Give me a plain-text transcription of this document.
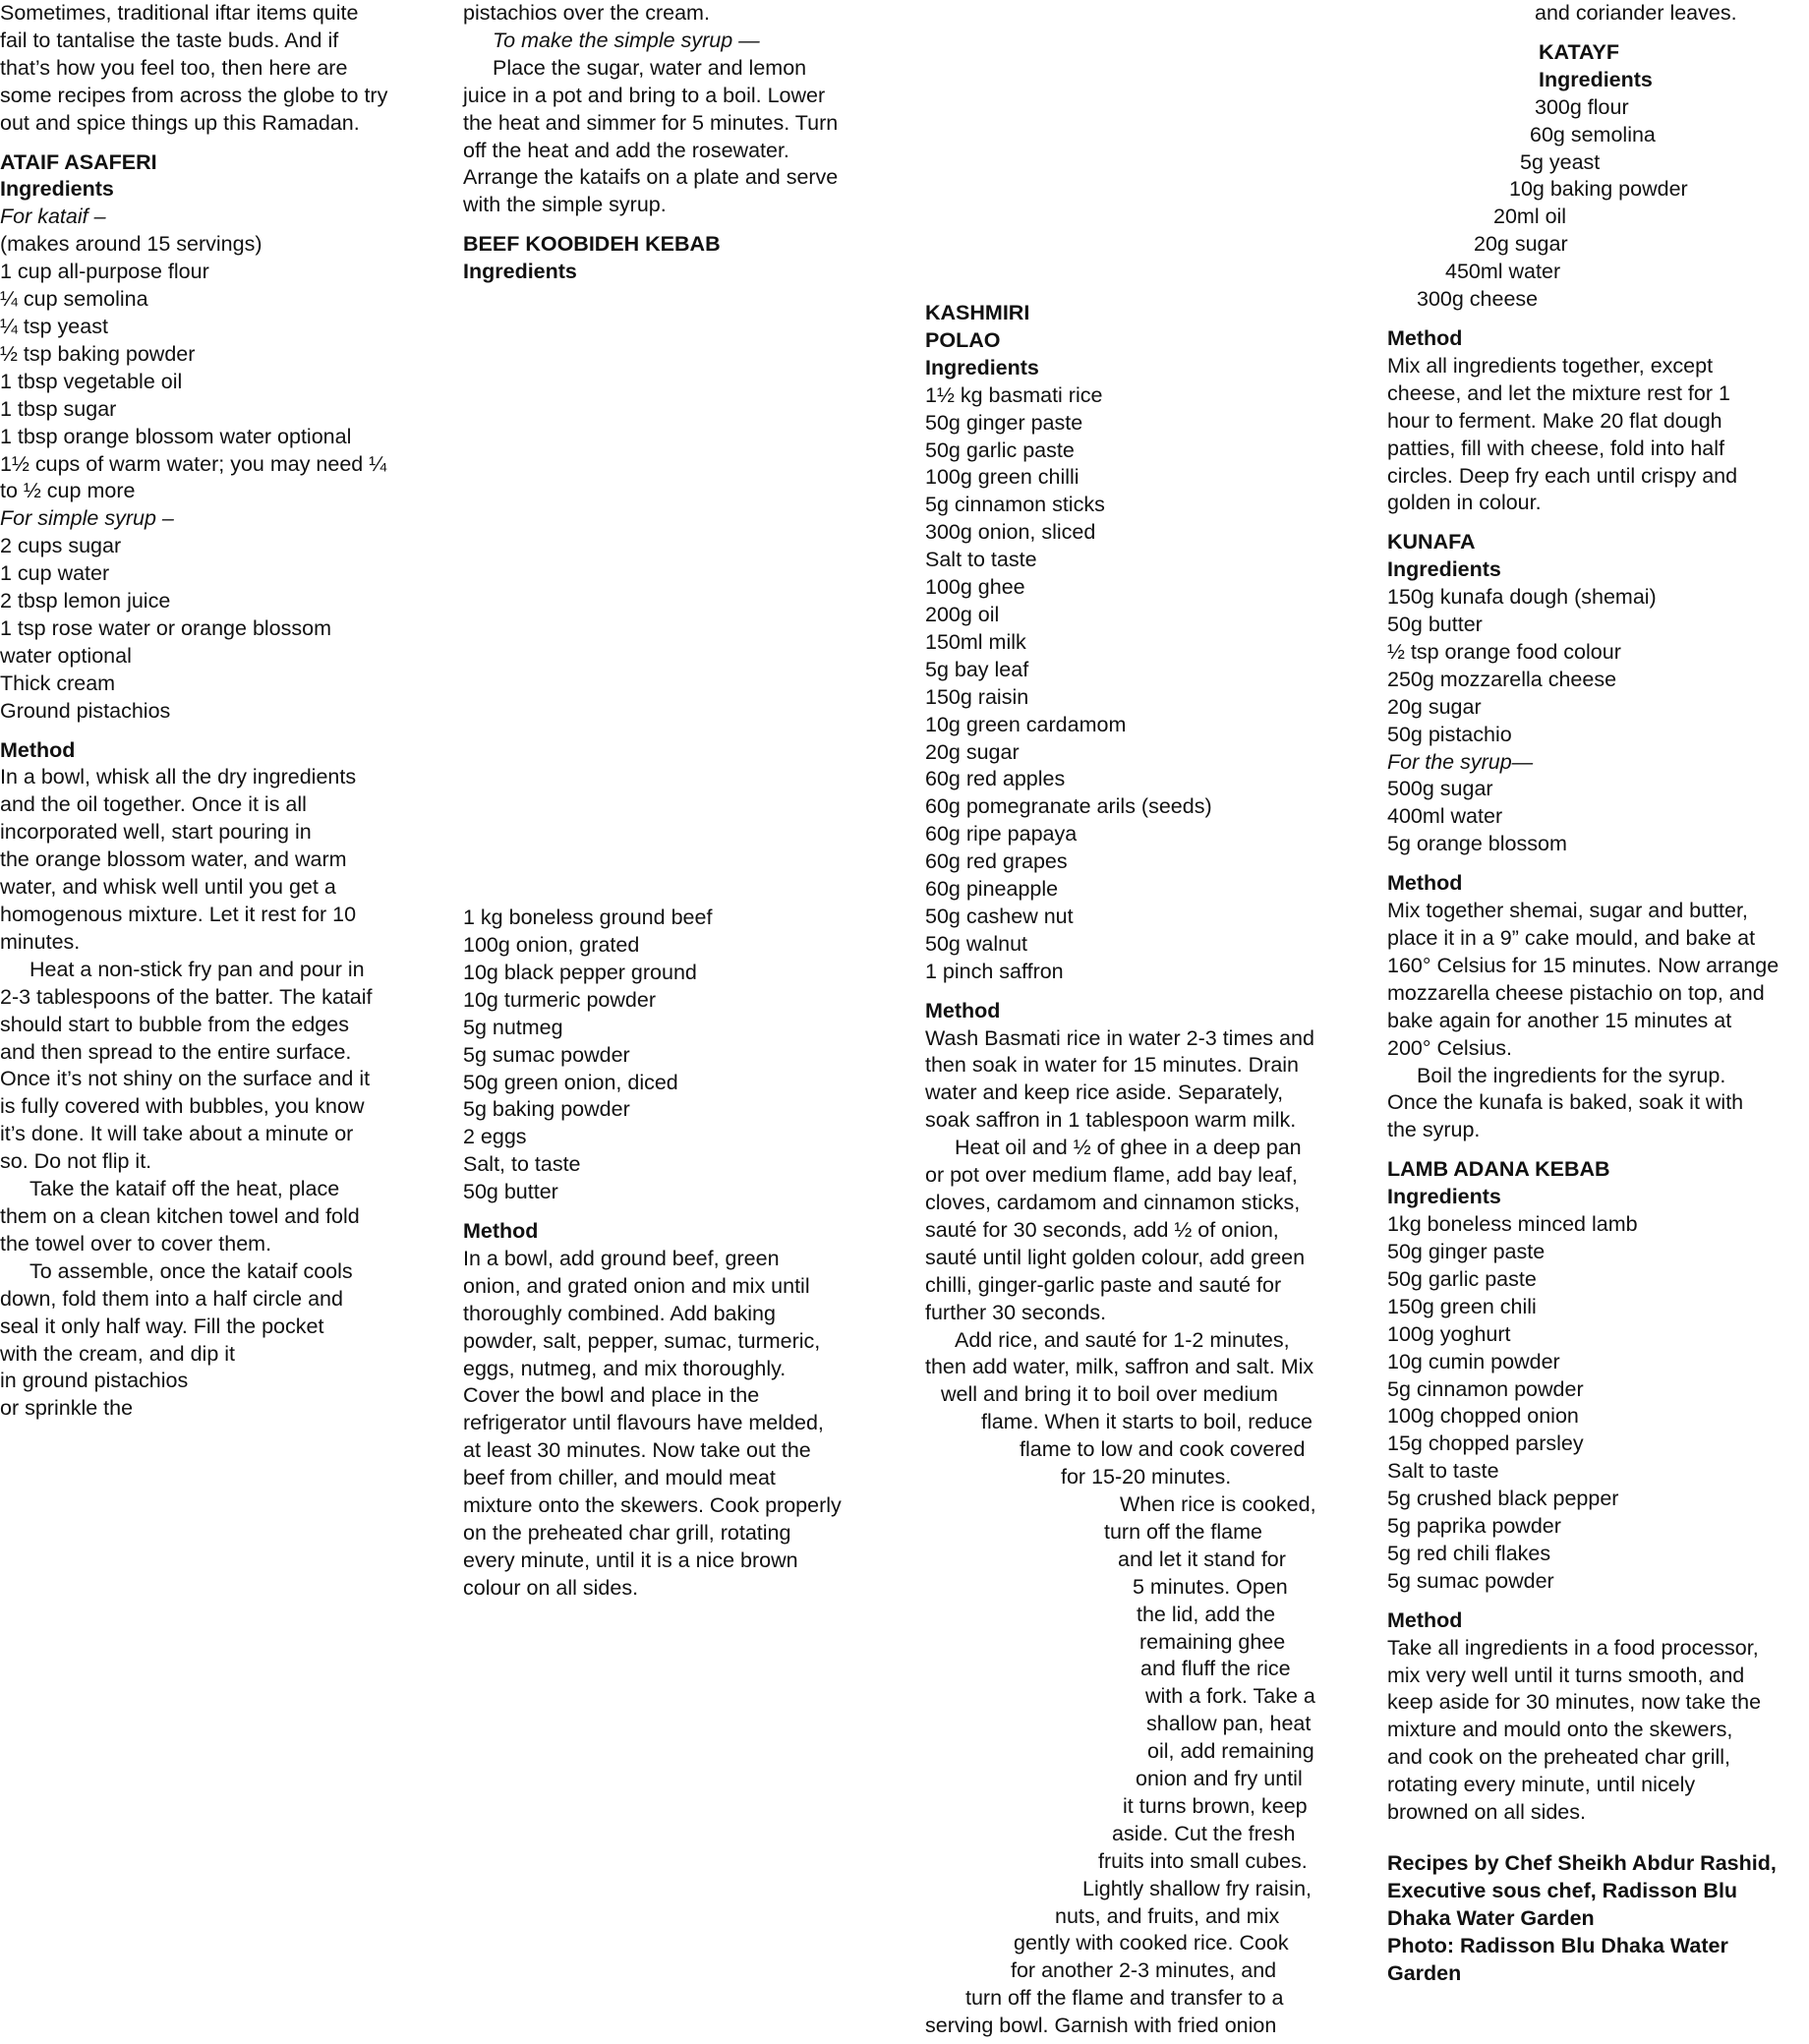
Sometimes, traditional iftar items quite
fail to tantalise the taste buds. And if
that’s how you feel too, then here are
some recipes from across the globe to try
out and spice things up this Ramadan.
ATAIF ASAFERI
Ingredients
For kataif –
(makes around 15 servings)
1 cup all-purpose flour
¼ cup semolina
¼ tsp yeast
½ tsp baking powder
1 tbsp vegetable oil
1 tbsp sugar
1 tbsp orange blossom water optional
1½ cups of warm water; you may need ¼
to ½ cup more
For simple syrup –
2 cups sugar
1 cup water
2 tbsp lemon juice
1 tsp rose water or orange blossom
water optional
Thick cream
Ground pistachios
Method
In a bowl, whisk all the dry ingredients
and the oil together. Once it is all
incorporated well, start pouring in
the orange blossom water, and warm
water, and whisk well until you get a
homogenous mixture. Let it rest for 10
minutes.
Heat a non-stick fry pan and pour in
2-3 tablespoons of the batter. The kataif
should start to bubble from the edges
and then spread to the entire surface.
Once it’s not shiny on the surface and it
is fully covered with bubbles, you know
it’s done. It will take about a minute or
so. Do not flip it.
Take the kataif off the heat, place
them on a clean kitchen towel and fold
the towel over to cover them.
To assemble, once the kataif cools
down, fold them into a half circle and
seal it only half way. Fill the pocket
with the cream, and dip it
in ground pistachios
or sprinkle the
pistachios over the cream.
To make the simple syrup —
Place the sugar, water and lemon
juice in a pot and bring to a boil. Lower
the heat and simmer for 5 minutes. Turn
off the heat and add the rosewater.
Arrange the kataifs on a plate and serve
with the simple syrup.
BEEF KOOBIDEH KEBAB
Ingredients
1 kg boneless ground beef
100g onion, grated
10g black pepper ground
10g turmeric powder
5g nutmeg
5g sumac powder
50g green onion, diced
5g baking powder
2 eggs
Salt, to taste
50g butter
Method
In a bowl, add ground beef, green
onion, and grated onion and mix until
thoroughly combined. Add baking
powder, salt, pepper, sumac, turmeric,
eggs, nutmeg, and mix thoroughly.
Cover the bowl and place in the
refrigerator until flavours have melded,
at least 30 minutes. Now take out the
beef from chiller, and mould meat
mixture onto the skewers. Cook properly
on the preheated char grill, rotating
every minute, until it is a nice brown
colour on all sides.
KASHMIRI
POLAO
Ingredients
1½ kg basmati rice
50g ginger paste
50g garlic paste
100g green chilli
5g cinnamon sticks
300g onion, sliced
Salt to taste
100g ghee
200g oil
150ml milk
5g bay leaf
150g raisin
10g green cardamom
20g sugar
60g red apples
60g pomegranate arils (seeds)
60g ripe papaya
60g red grapes
60g pineapple
50g cashew nut
50g walnut
1 pinch saffron
Method
Wash Basmati rice in water 2-3 times and
then soak in water for 15 minutes. Drain
water and keep rice aside. Separately,
soak saffron in 1 tablespoon warm milk.
Heat oil and ½ of ghee in a deep pan
or pot over medium flame, add bay leaf,
cloves, cardamom and cinnamon sticks,
sauté for 30 seconds, add ½ of onion,
sauté until light golden colour, add green
chilli, ginger-garlic paste and sauté for
further 30 seconds.
Add rice, and sauté for 1-2 minutes,
then add water, milk, saffron and salt. Mix
well and bring it to boil over medium
flame. When it starts to boil, reduce
flame to low and cook covered
for 15-20 minutes.
When rice is cooked,
turn off the flame
and let it stand for
5 minutes. Open
the lid, add the
remaining ghee
and fluff the rice
with a fork. Take a
shallow pan, heat
oil, add remaining
onion and fry until
it turns brown, keep
aside. Cut the fresh
fruits into small cubes.
Lightly shallow fry raisin,
nuts, and fruits, and mix
gently with cooked rice. Cook
for another 2-3 minutes, and
turn off the flame and transfer to a
serving bowl. Garnish with fried onion
and coriander leaves.
KATAYF
Ingredients
300g flour
60g semolina
5g yeast
10g baking powder
20ml oil
20g sugar
450ml water
300g cheese
Method
Mix all ingredients together, except
cheese, and let the mixture rest for 1
hour to ferment. Make 20 flat dough
patties, fill with cheese, fold into half
circles. Deep fry each until crispy and
golden in colour.
KUNAFA
Ingredients
150g kunafa dough (shemai)
50g butter
½ tsp orange food colour
250g mozzarella cheese
20g sugar
50g pistachio
For the syrup—
500g sugar
400ml water
5g orange blossom
Method
Mix together shemai, sugar and butter,
place it in a 9” cake mould, and bake at
160° Celsius for 15 minutes. Now arrange
mozzarella cheese pistachio on top, and
bake again for another 15 minutes at
200° Celsius.
Boil the ingredients for the syrup.
Once the kunafa is baked, soak it with
the syrup.
LAMB ADANA KEBAB
Ingredients
1kg boneless minced lamb
50g ginger paste
50g garlic paste
150g green chili
100g yoghurt
10g cumin powder
5g cinnamon powder
100g chopped onion
15g chopped parsley
Salt to taste
5g crushed black pepper
5g paprika powder
5g red chili flakes
5g sumac powder
Method
Take all ingredients in a food processor,
mix very well until it turns smooth, and
keep aside for 30 minutes, now take the
mixture and mould onto the skewers,
and cook on the preheated char grill,
rotating every minute, until nicely
browned on all sides.
Recipes by Chef Sheikh Abdur Rashid,
Executive sous chef, Radisson Blu
Dhaka Water Garden
Photo: Radisson Blu Dhaka Water
Garden
